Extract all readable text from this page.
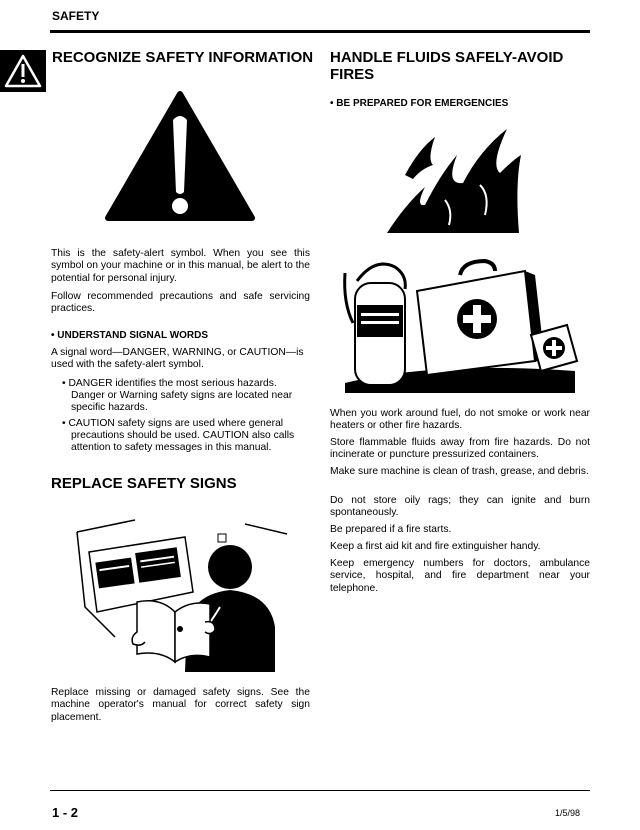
SAFETY
RECOGNIZE SAFETY INFORMATION
This is the safety-alert symbol. When you see this symbol on your machine or in this manual, be alert to the potential for personal injury.
Follow recommended precautions and safe servicing practices.
• UNDERSTAND SIGNAL WORDS
A signal word—DANGER, WARNING, or CAUTION—is used with the safety-alert symbol.
• DANGER identifies the most serious hazards.
Danger or Warning safety signs are located near
specific hazards.
• CAUTION safety signs are used where general
precautions should be used. CAUTION also calls
attention to safety messages in this manual.
REPLACE SAFETY SIGNS
Replace missing or damaged safety signs. See the machine operator's manual for correct safety sign placement.
HANDLE FLUIDS SAFELY-AVOID
FIRES
• BE PREPARED FOR EMERGENCIES
When you work around fuel, do not smoke or work near heaters or other fire hazards.
Store flammable fluids away from fire hazards. Do not incinerate or puncture pressurized containers.
Make sure machine is clean of trash, grease, and debris.
Do not store oily rags; they can ignite and burn spontaneously.
Be prepared if a fire starts.
Keep a first aid kit and fire extinguisher handy.
Keep emergency numbers for doctors, ambulance service, hospital, and fire department near your telephone.
1 - 2	1/5/98
